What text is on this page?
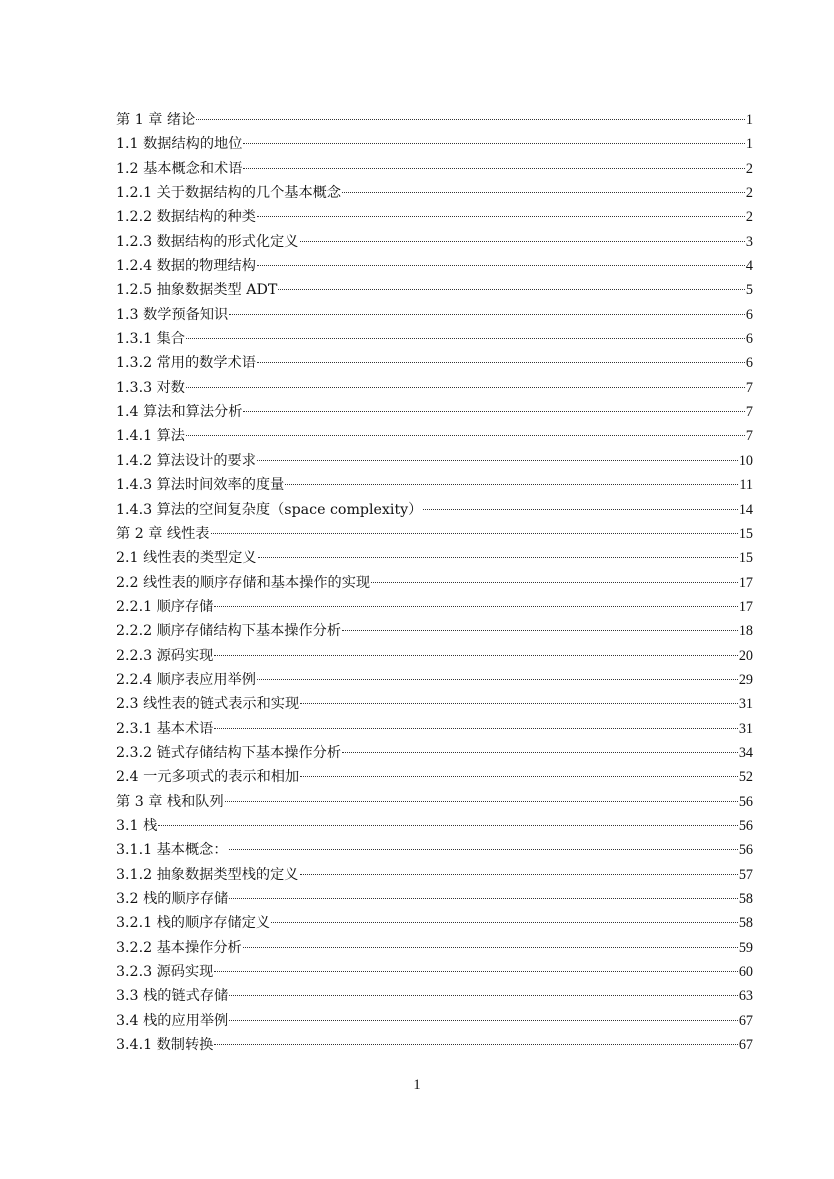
第 1 章 绪论	1
1.1 数据结构的地位	1
1.2 基本概念和术语	2
1.2.1 关于数据结构的几个基本概念	2
1.2.2 数据结构的种类	2
1.2.3 数据结构的形式化定义	3
1.2.4 数据的物理结构	4
1.2.5 抽象数据类型 ADT	5
1.3 数学预备知识	6
1.3.1 集合	6
1.3.2 常用的数学术语	6
1.3.3 对数	7
1.4 算法和算法分析	7
1.4.1 算法	7
1.4.2 算法设计的要求	10
1.4.3 算法时间效率的度量	11
1.4.3 算法的空间复杂度（space complexity）	14
第 2 章 线性表	15
2.1 线性表的类型定义	15
2.2 线性表的顺序存储和基本操作的实现	17
2.2.1 顺序存储	17
2.2.2 顺序存储结构下基本操作分析	18
2.2.3 源码实现	20
2.2.4 顺序表应用举例	29
2.3 线性表的链式表示和实现	31
2.3.1 基本术语	31
2.3.2 链式存储结构下基本操作分析	34
2.4 一元多项式的表示和相加	52
第 3 章 栈和队列	56
3.1 栈	56
3.1.1 基本概念：	56
3.1.2 抽象数据类型栈的定义	57
3.2 栈的顺序存储	58
3.2.1 栈的顺序存储定义	58
3.2.2 基本操作分析	59
3.2.3 源码实现	60
3.3 栈的链式存储	63
3.4 栈的应用举例	67
3.4.1 数制转换	67
1
